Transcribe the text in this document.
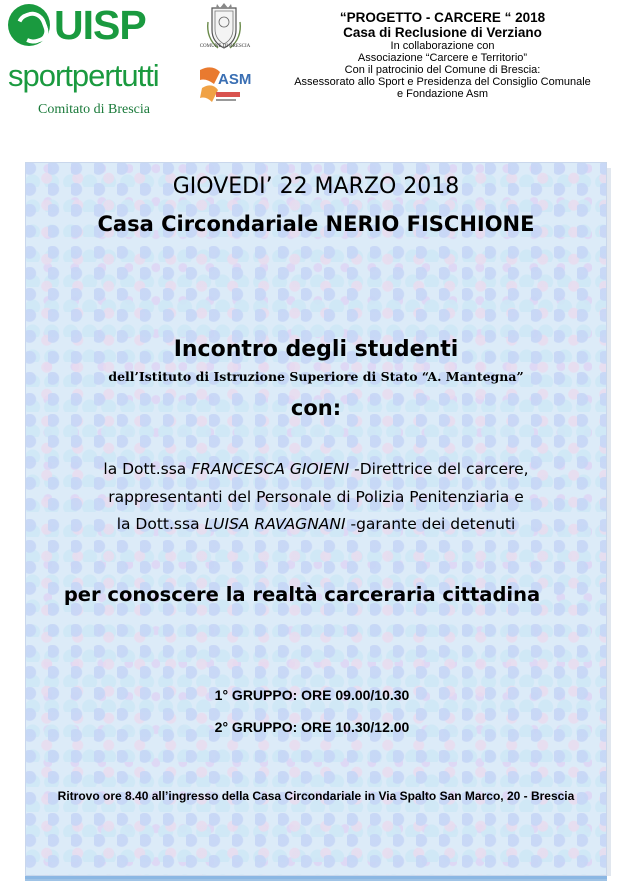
UISP
sportpertutti
Comitato di Brescia
COMUNE DI BRESCIA
ASM
“PROGETTO - CARCERE “ 2018
Casa di Reclusione di Verziano
In collaborazione con
Associazione “Carcere e Territorio”
Con il patrocinio del Comune di Brescia:
Assessorato allo Sport e Presidenza del Consiglio Comunale
e Fondazione Asm
GIOVEDI’ 22 MARZO 2018
Casa Circondariale NERIO FISCHIONE
Incontro degli studenti
dell’Istituto di Istruzione Superiore di Stato “A. Mantegna”
con:
la Dott.ssa FRANCESCA GIOIENI -Direttrice del carcere,
rappresentanti del Personale di Polizia Penitenziaria e
la Dott.ssa LUISA RAVAGNANI -garante dei detenuti
per conoscere la realtà carceraria cittadina
1° GRUPPO: ORE 09.00/10.30
2° GRUPPO: ORE 10.30/12.00
Ritrovo ore 8.40 all’ingresso della Casa Circondariale in Via Spalto San Marco, 20 - Brescia
